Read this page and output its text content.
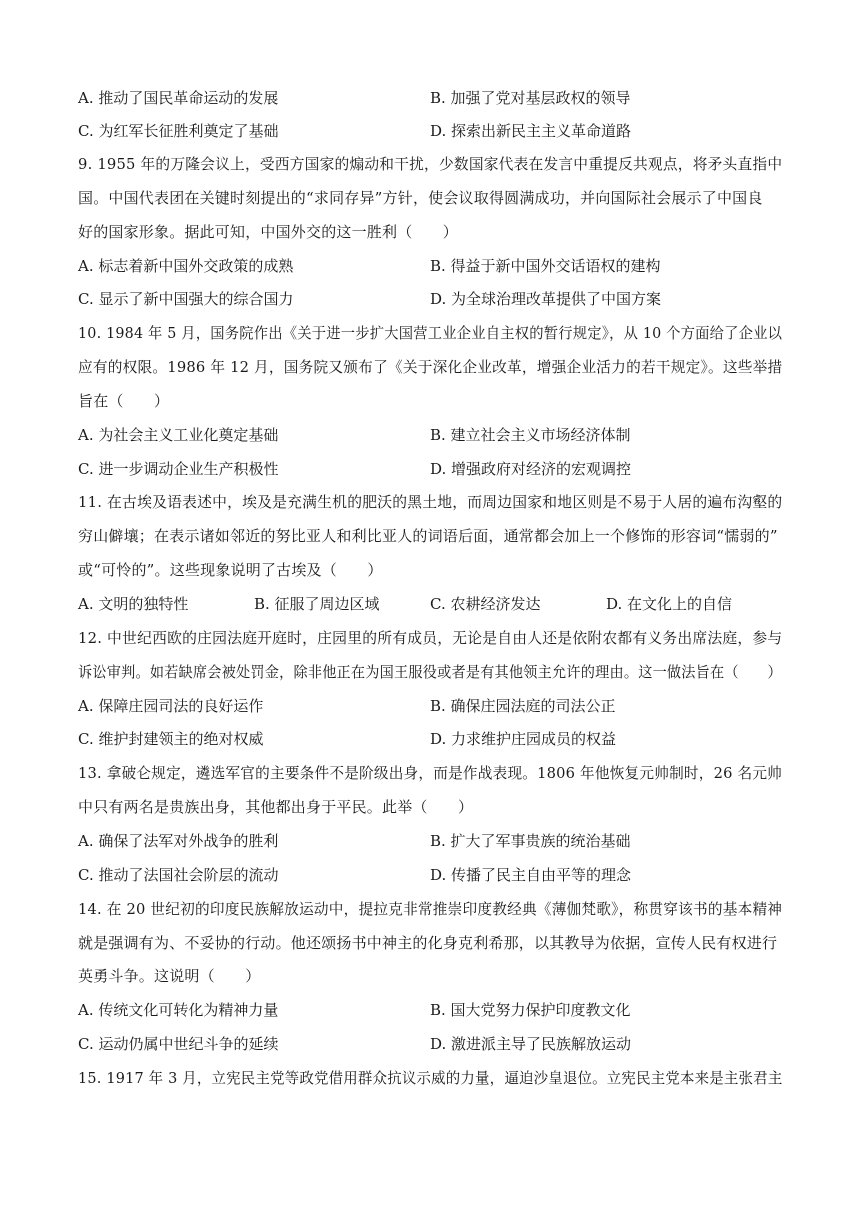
A. 推动了国民革命运动的发展	B. 加强了党对基层政权的领导
C. 为红军长征胜利奠定了基础	D. 探索出新民主主义革命道路
9. 1955 年的万隆会议上，受西方国家的煽动和干扰，少数国家代表在发言中重提反共观点，将矛头直指中
国。中国代表团在关键时刻提出的“求同存异”方针，使会议取得圆满成功，并向国际社会展示了中国良
好的国家形象。据此可知，中国外交的这一胜利（　　）
A. 标志着新中国外交政策的成熟	B. 得益于新中国外交话语权的建构
C. 显示了新中国强大的综合国力	D. 为全球治理改革提供了中国方案
10. 1984 年 5 月，国务院作出《关于进一步扩大国营工业企业自主权的暂行规定》，从 10 个方面给了企业以
应有的权限。1986 年 12 月，国务院又颁布了《关于深化企业改革，增强企业活力的若干规定》。这些举措
旨在（　　）
A. 为社会主义工业化奠定基础	B. 建立社会主义市场经济体制
C. 进一步调动企业生产积极性	D. 增强政府对经济的宏观调控
11. 在古埃及语表述中，埃及是充满生机的肥沃的黑土地，而周边国家和地区则是不易于人居的遍布沟壑的
穷山僻壤；在表示诸如邻近的努比亚人和利比亚人的词语后面，通常都会加上一个修饰的形容词“懦弱的”
或“可怜的”。这些现象说明了古埃及（　　）
A. 文明的独特性	B. 征服了周边区域	C. 农耕经济发达	D. 在文化上的自信
12. 中世纪西欧的庄园法庭开庭时，庄园里的所有成员，无论是自由人还是依附农都有义务出席法庭，参与
诉讼审判。如若缺席会被处罚金，除非他正在为国王服役或者是有其他领主允许的理由。这一做法旨在（　　）
A. 保障庄园司法的良好运作	B. 确保庄园法庭的司法公正
C. 维护封建领主的绝对权威	D. 力求维护庄园成员的权益
13. 拿破仑规定，遴选军官的主要条件不是阶级出身，而是作战表现。1806 年他恢复元帅制时，26 名元帅
中只有两名是贵族出身，其他都出身于平民。此举（　　）
A. 确保了法军对外战争的胜利	B. 扩大了军事贵族的统治基础
C. 推动了法国社会阶层的流动	D. 传播了民主自由平等的理念
14. 在 20 世纪初的印度民族解放运动中，提拉克非常推崇印度教经典《薄伽梵歌》，称贯穿该书的基本精神
就是强调有为、不妥协的行动。他还颂扬书中神主的化身克利希那，以其教导为依据，宣传人民有权进行
英勇斗争。这说明（　　）
A. 传统文化可转化为精神力量	B. 国大党努力保护印度教文化
C. 运动仍属中世纪斗争的延续	D. 激进派主导了民族解放运动
15. 1917 年 3 月，立宪民主党等政党借用群众抗议示威的力量，逼迫沙皇退位。立宪民主党本来是主张君主
